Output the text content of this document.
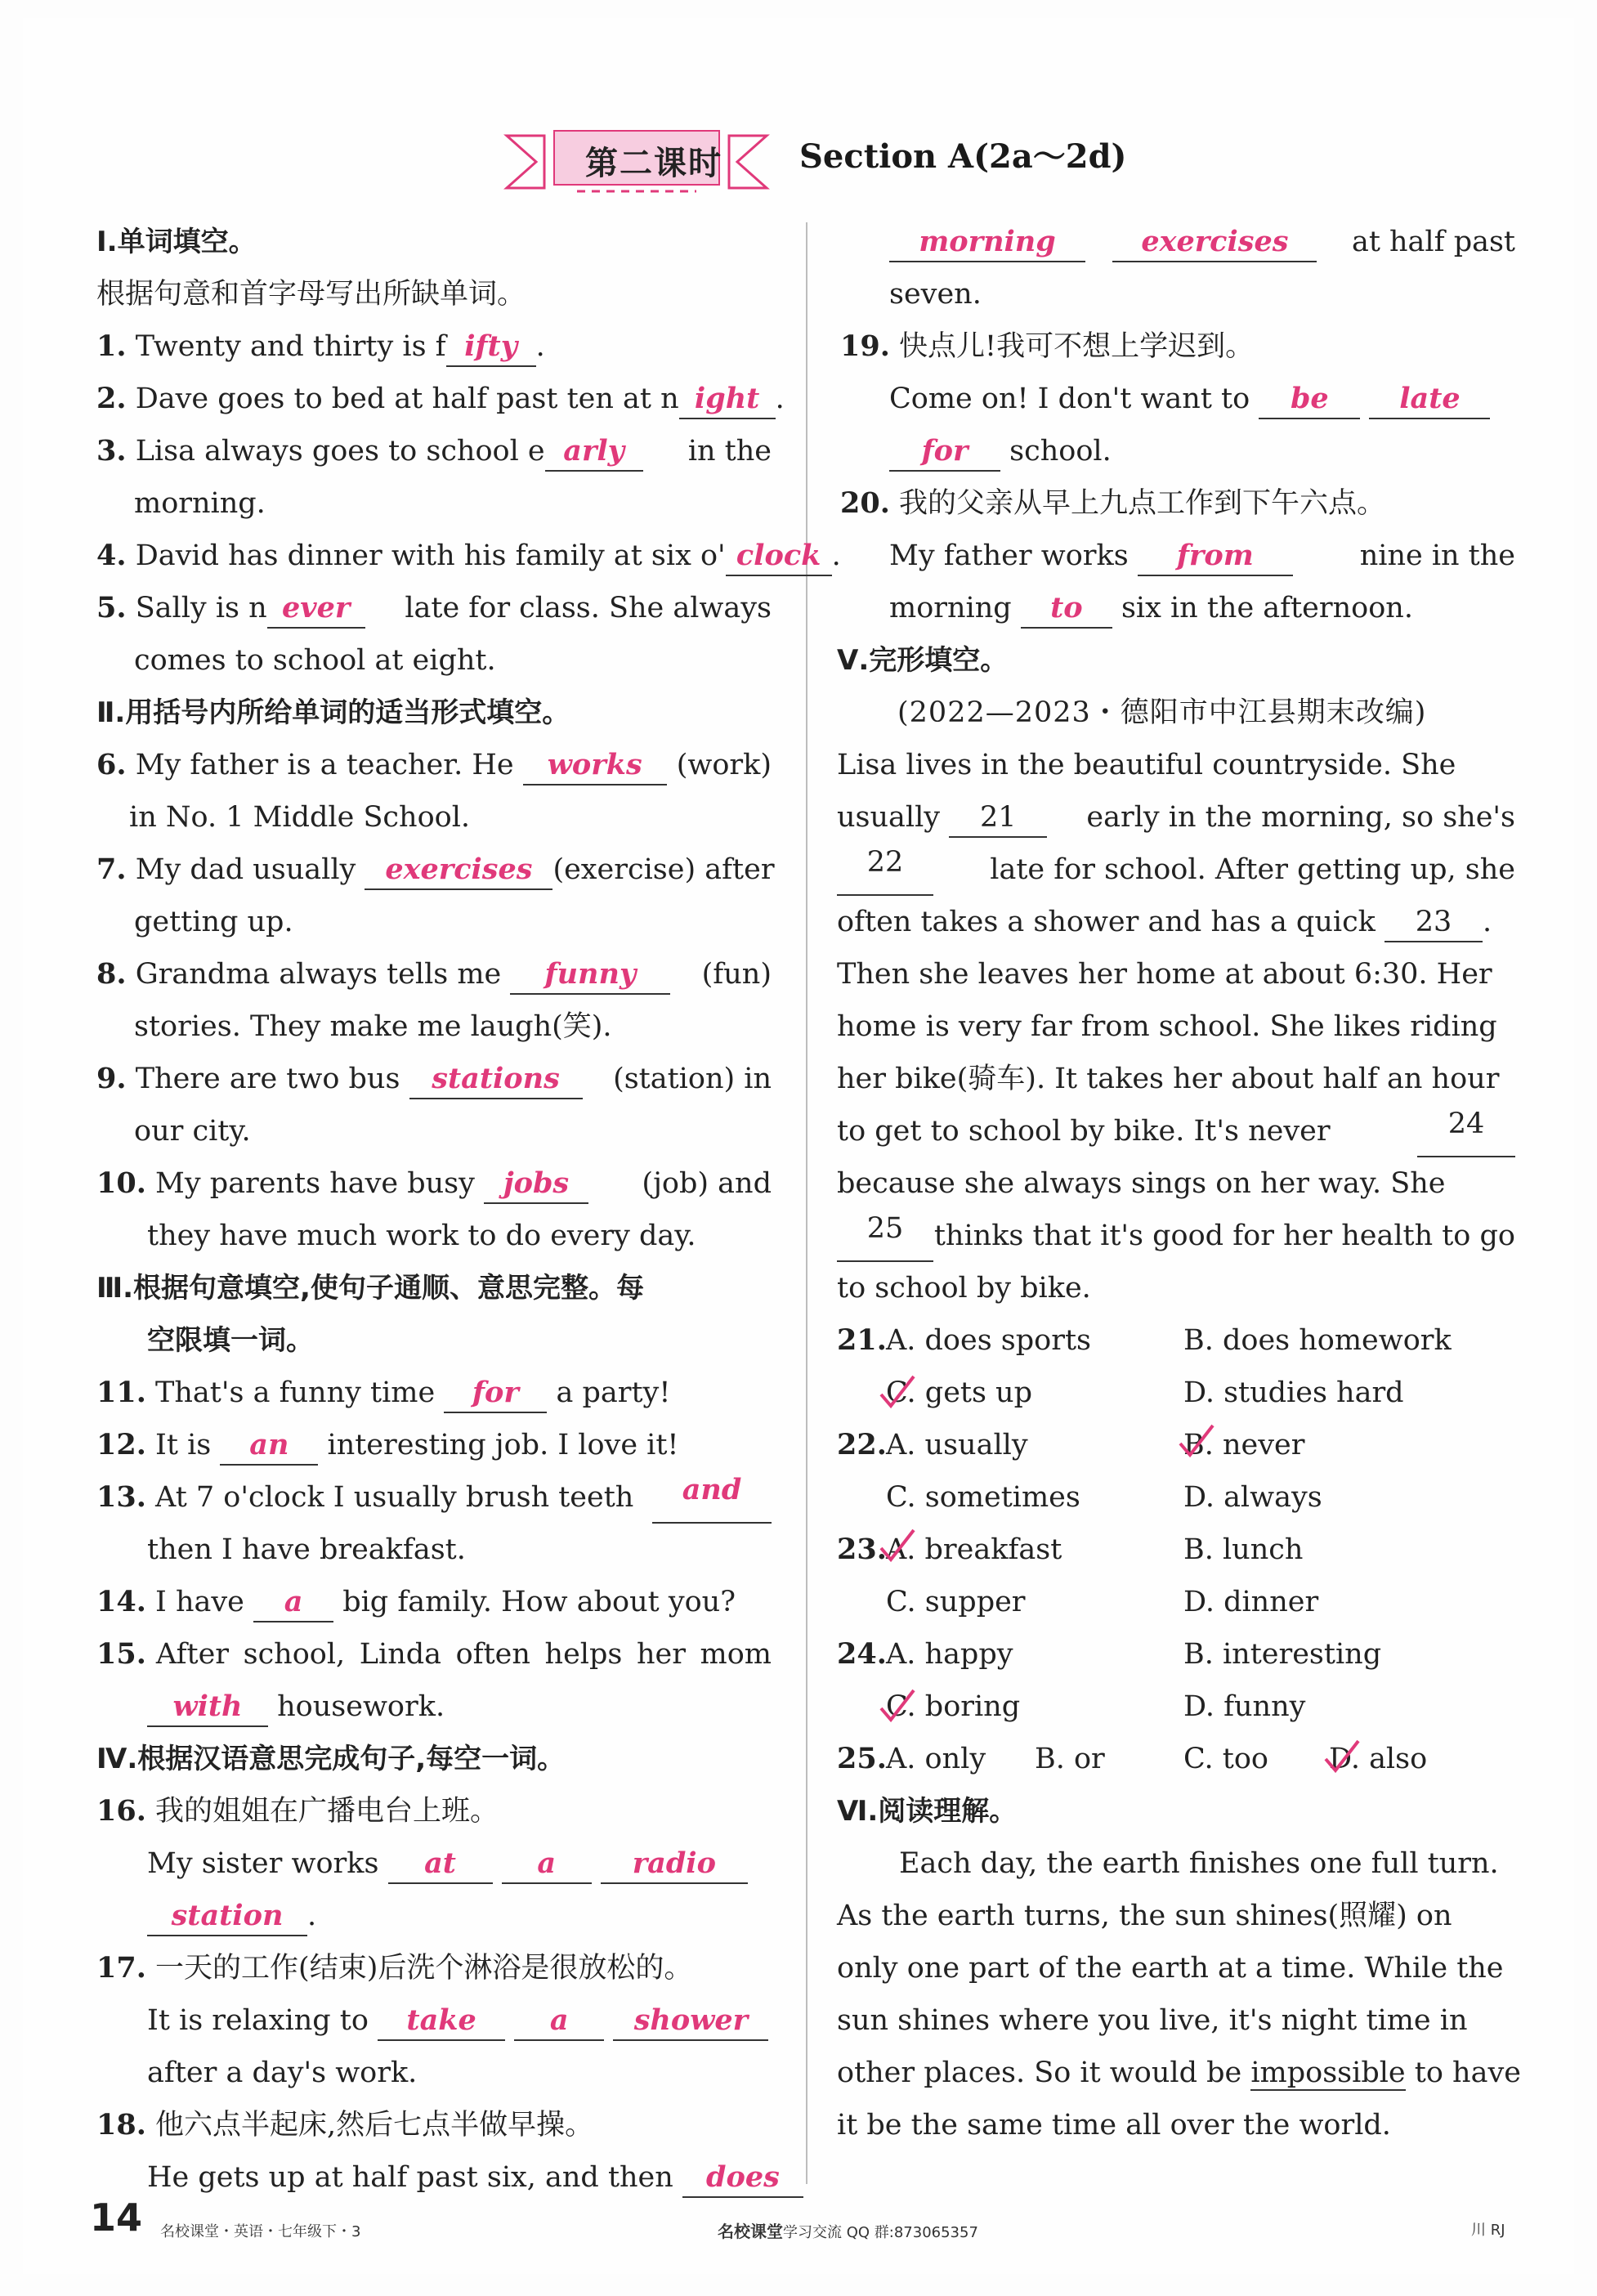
第二课时	Section A(2a～2d)
Ⅰ.单词填空。
根据句意和首字母写出所缺单词。
1. Twenty and thirty is f ifty .
2. Dave goes to bed at half past ten at n ight .
3. Lisa always goes to school e arly	in the
morning.
4. David has dinner with his family at six o' clock .
5. Sally is n ever	late for class. She always
comes to school at eight.
Ⅱ.用括号内所给单词的适当形式填空。
6. My father is a teacher. He works	(work)
in No. 1 Middle School.
7. My dad usually exercises (exercise) after
getting up.
8. Grandma always tells me funny	(fun)
stories. They make me laugh(笑).
9. There are two bus stations	(station) in
our city.
10. My parents have busy jobs	(job) and
they have much work to do every day.
Ⅲ.根据句意填空,使句子通顺、意思完整。每
空限填一词。
11. That's a funny time for a party!
12. It is an interesting job. I love it!
13. At 7 o'clock I usually brush teeth	and
then I have breakfast.
14. I have a big family. How about you?
15. After school, Linda often helps her mom
with housework.
Ⅳ.根据汉语意思完成句子,每空一词。
16. 我的姐姐在广播电台上班。
My sister works at	a	radio
station .
17. 一天的工作(结束)后洗个淋浴是很放松的。
It is relaxing to take	a shower
after a day's work.
18. 他六点半起床,然后七点半做早操。
He gets up at half past six, and then does
morning	exercises	at half past
seven.
19. 快点儿!我可不想上学迟到。
Come on! I don't want to be late
for school.
20. 我的父亲从早上九点工作到下午六点。
My father works from	nine in the
morning to six in the afternoon.
Ⅴ.完形填空。
(2022—2023・德阳市中江县期末改编)
Lisa lives in the beautiful countryside. She
usually 21	early in the morning, so she's
22	late for school. After getting up, she
often takes a shower and has a quick 23 .
Then she leaves her home at about 6:30. Her
home is very far from school. She likes riding
her bike(骑车). It takes her about half an hour
to get to school by bike. It's never	24
because she always sings on her way. She
25	thinks that it's good for her health to go
to school by bike.
21. A. does sports	B. does homework
C. gets up	D. studies hard
22. A. usually	B. never
C. sometimes	D. always
23. A. breakfast	B. lunch
C. supper	D. dinner
24. A. happy	B. interesting
C. boring	D. funny
25. A. only B. or	C. too D. also
Ⅵ.阅读理解。
Each day, the earth finishes one full turn.
As the earth turns, the sun shines(照耀) on
only one part of the earth at a time. While the
sun shines where you live, it's night time in
other places. So it would be impossible to have
it be the same time all over the world.
14 名校课堂・英语・七年级下・3	名校课堂学习交流 QQ 群:873065357	川 RJ
